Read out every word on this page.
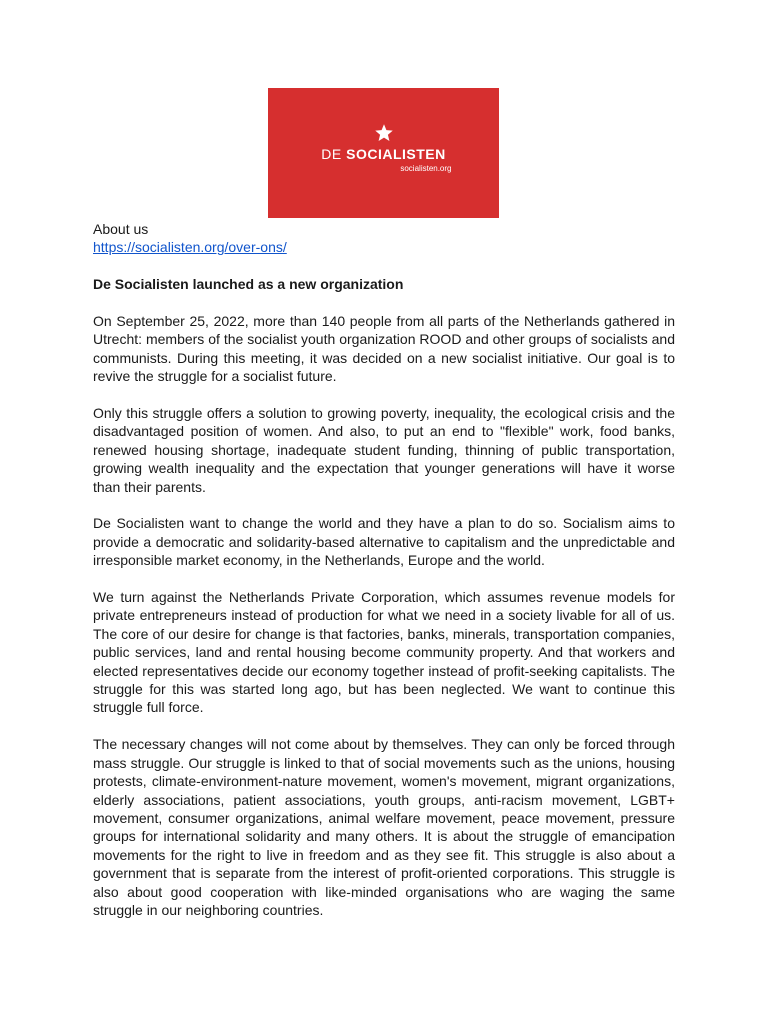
DE SOCIALISTEN
socialisten.org

About us

https://socialisten.org/over-ons/

De Socialisten launched as a new organization

On September 25, 2022, more than 140 people from all parts of the Netherlands gathered in Utrecht: members of the socialist youth organization ROOD and other groups of socialists and communists. During this meeting, it was decided on a new socialist initiative. Our goal is to revive the struggle for a socialist future.

Only this struggle offers a solution to growing poverty, inequality, the ecological crisis and the disadvantaged position of women. And also, to put an end to "flexible" work, food banks, renewed housing shortage, inadequate student funding, thinning of public transportation, growing wealth inequality and the expectation that younger generations will have it worse than their parents.

De Socialisten want to change the world and they have a plan to do so. Socialism aims to provide a democratic and solidarity-based alternative to capitalism and the unpredictable and irresponsible market economy, in the Netherlands, Europe and the world.

We turn against the Netherlands Private Corporation, which assumes revenue models for private entrepreneurs instead of production for what we need in a society livable for all of us. The core of our desire for change is that factories, banks, minerals, transportation companies, public services, land and rental housing become community property. And that workers and elected representatives decide our economy together instead of profit-seeking capitalists. The struggle for this was started long ago, but has been neglected. We want to continue this struggle full force.

The necessary changes will not come about by themselves. They can only be forced through mass struggle. Our struggle is linked to that of social movements such as the unions, housing protests, climate-environment-nature movement, women's movement, migrant organizations, elderly associations, patient associations, youth groups, anti-racism movement, LGBT+ movement, consumer organizations, animal welfare movement, peace movement, pressure groups for international solidarity and many others. It is about the struggle of emancipation movements for the right to live in freedom and as they see fit. This struggle is also about a government that is separate from the interest of profit-oriented corporations. This struggle is also about good cooperation with like-minded organisations who are waging the same struggle in our neighboring countries.
